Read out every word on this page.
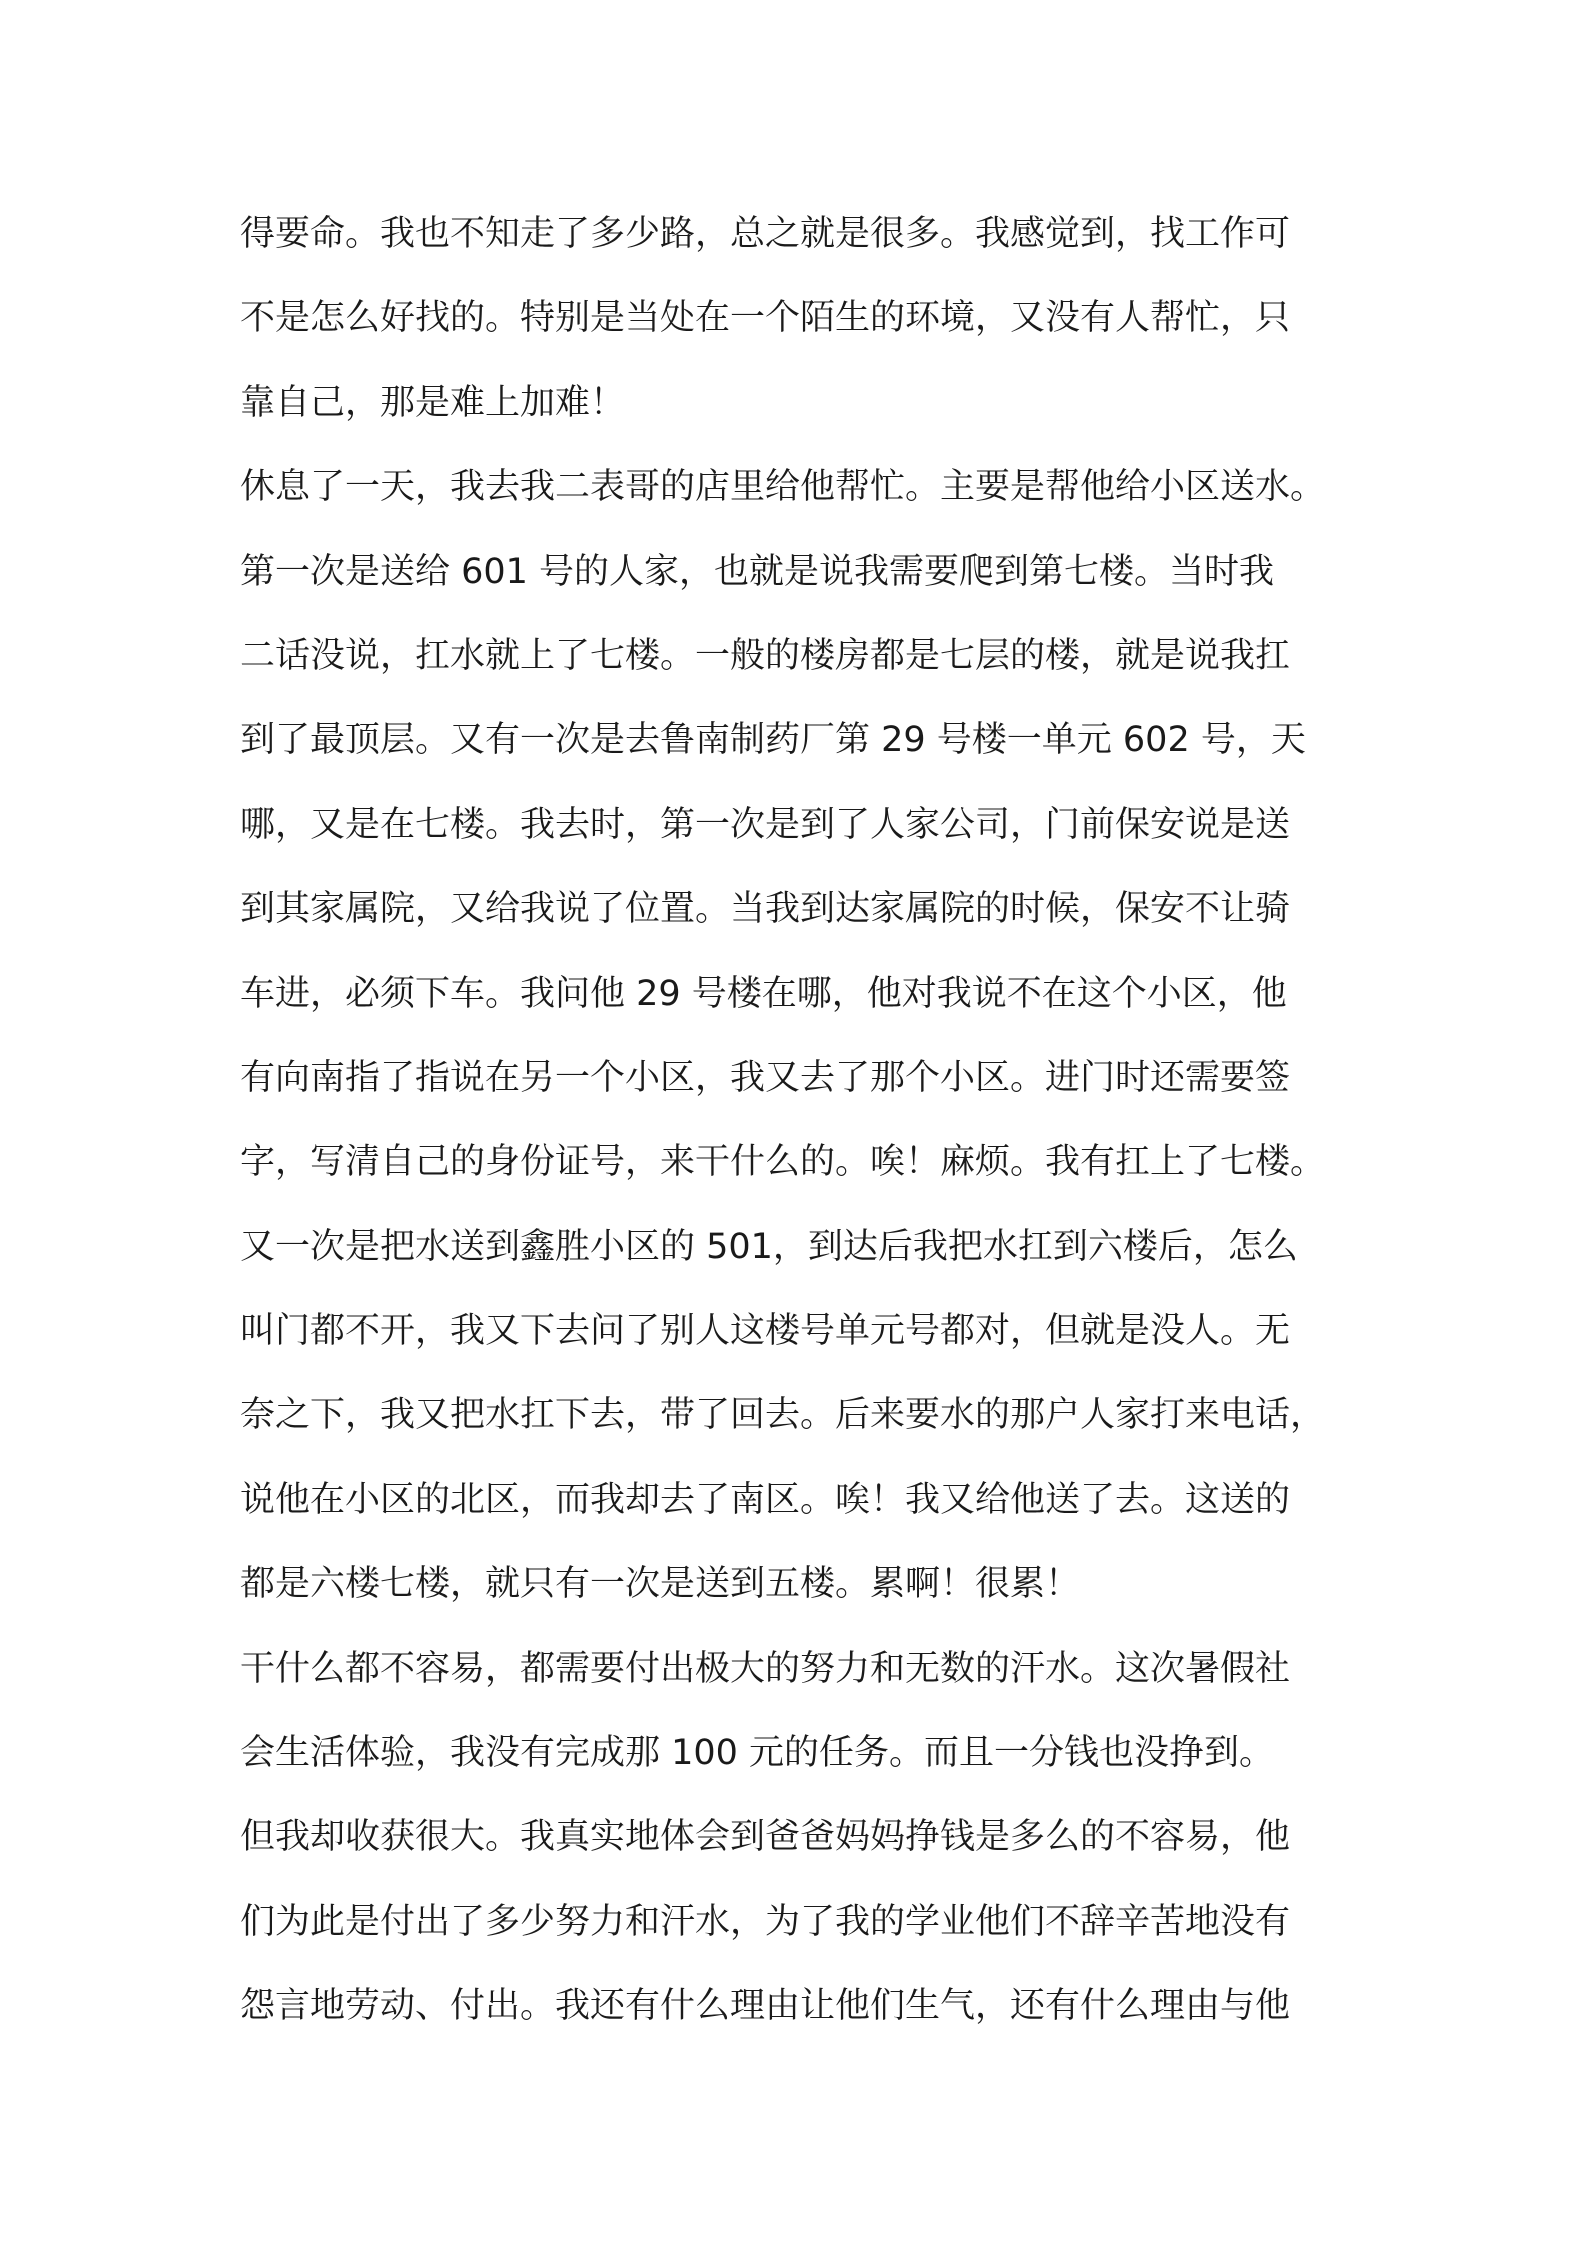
得要命。我也不知走了多少路，总之就是很多。我感觉到，找工作可
不是怎么好找的。特别是当处在一个陌生的环境，又没有人帮忙，只
靠自己，那是难上加难！
休息了一天，我去我二表哥的店里给他帮忙。主要是帮他给小区送水。
第一次是送给 601 号的人家，也就是说我需要爬到第七楼。当时我
二话没说，扛水就上了七楼。一般的楼房都是七层的楼，就是说我扛
到了最顶层。又有一次是去鲁南制药厂第 29 号楼一单元 602 号，天
哪，又是在七楼。我去时，第一次是到了人家公司，门前保安说是送
到其家属院，又给我说了位置。当我到达家属院的时候，保安不让骑
车进，必须下车。我问他 29 号楼在哪，他对我说不在这个小区，他
有向南指了指说在另一个小区，我又去了那个小区。进门时还需要签
字，写清自己的身份证号，来干什么的。唉！麻烦。我有扛上了七楼。
又一次是把水送到鑫胜小区的 501，到达后我把水扛到六楼后，怎么
叫门都不开，我又下去问了别人这楼号单元号都对，但就是没人。无
奈之下，我又把水扛下去，带了回去。后来要水的那户人家打来电话，
说他在小区的北区，而我却去了南区。唉！我又给他送了去。这送的
都是六楼七楼，就只有一次是送到五楼。累啊！很累！
干什么都不容易，都需要付出极大的努力和无数的汗水。这次暑假社
会生活体验，我没有完成那 100 元的任务。而且一分钱也没挣到。
但我却收获很大。我真实地体会到爸爸妈妈挣钱是多么的不容易，他
们为此是付出了多少努力和汗水，为了我的学业他们不辞辛苦地没有
怨言地劳动、付出。我还有什么理由让他们生气，还有什么理由与他
